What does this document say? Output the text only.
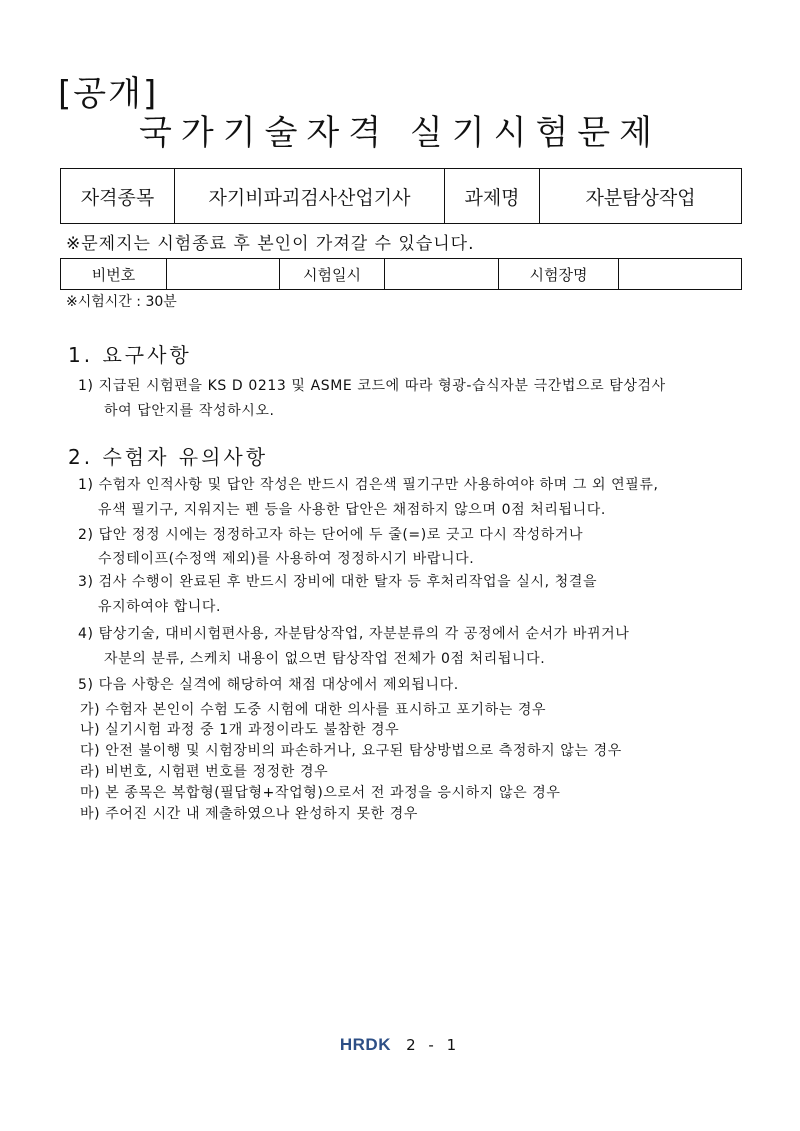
[공개]
국가기술자격 실기시험문제
자격종목	자기비파괴검사산업기사	과제명	자분탐상작업
※문제지는 시험종료 후 본인이 가져갈 수 있습니다.
비번호		시험일시		시험장명	
※시험시간 : 30분
1. 요구사항
1) 지급된 시험편을 KS D 0213 및 ASME 코드에 따라 형광-습식자분 극간법으로 탐상검사
하여 답안지를 작성하시오.
2. 수험자 유의사항
1) 수험자 인적사항 및 답안 작성은 반드시 검은색 필기구만 사용하여야 하며 그 외 연필류,
유색 필기구, 지워지는 펜 등을 사용한 답안은 채점하지 않으며 0점 처리됩니다.
2) 답안 정정 시에는 정정하고자 하는 단어에 두 줄(=)로 긋고 다시 작성하거나
수정테이프(수정액 제외)를 사용하여 정정하시기 바랍니다.
3) 검사 수행이 완료된 후 반드시 장비에 대한 탈자 등 후처리작업을 실시, 청결을
유지하여야 합니다.
4) 탐상기술, 대비시험편사용, 자분탐상작업, 자분분류의 각 공정에서 순서가 바뀌거나
자분의 분류, 스케치 내용이 없으면 탐상작업 전체가 0점 처리됩니다.
5) 다음 사항은 실격에 해당하여 채점 대상에서 제외됩니다.
가) 수험자 본인이 수험 도중 시험에 대한 의사를 표시하고 포기하는 경우
나) 실기시험 과정 중 1개 과정이라도 불참한 경우
다) 안전 불이행 및 시험장비의 파손하거나, 요구된 탐상방법으로 측정하지 않는 경우
라) 비번호, 시험편 번호를 정정한 경우
마) 본 종목은 복합형(필답형+작업형)으로서 전 과정을 응시하지 않은 경우
바) 주어진 시간 내 제출하였으나 완성하지 못한 경우
HRDK 2 - 1
